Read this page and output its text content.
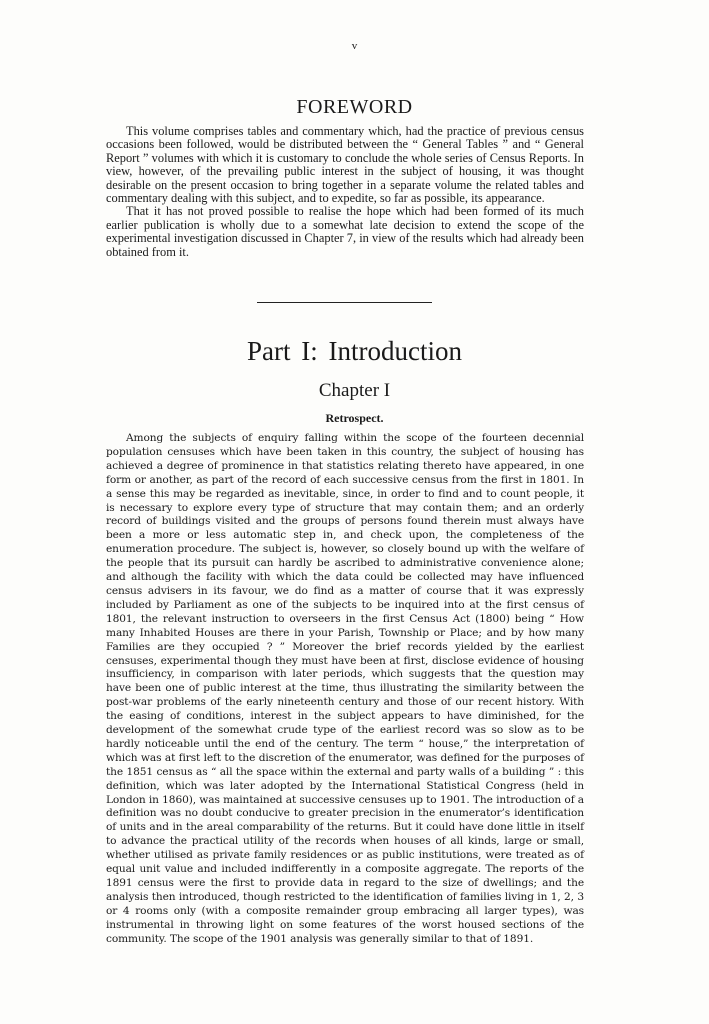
v
FOREWORD

This volume comprises tables and commentary which, had the practice of previous census occasions been followed, would be distributed between the “ General Tables ” and “ General Report ” volumes with which it is customary to conclude the whole series of Census Reports. In view, however, of the prevailing public interest in the subject of housing, it was thought desirable on the present occasion to bring together in a separate volume the related tables and commentary dealing with this subject, and to expedite, so far as possible, its appearance.

That it has not proved possible to realise the hope which had been formed of its much earlier publication is wholly due to a somewhat late decision to extend the scope of the experimental investigation discussed in Chapter 7, in view of the results which had already been obtained from it.

Part I: Introduction
Chapter I
Retrospect.

Among the subjects of enquiry falling within the scope of the fourteen decennial population censuses which have been taken in this country, the subject of housing has achieved a degree of prominence in that statistics relating thereto have appeared, in one form or another, as part of the record of each successive census from the first in 1801. In a sense this may be regarded as inevitable, since, in order to find and to count people, it is necessary to explore every type of structure that may contain them; and an orderly record of buildings visited and the groups of persons found therein must always have been a more or less automatic step in, and check upon, the completeness of the enumeration procedure. The subject is, however, so closely bound up with the welfare of the people that its pursuit can hardly be ascribed to administrative convenience alone; and although the facility with which the data could be collected may have influenced census advisers in its favour, we do find as a matter of course that it was expressly included by Parliament as one of the subjects to be inquired into at the first census of 1801, the relevant instruction to overseers in the first Census Act (1800) being “ How many Inhabited Houses are there in your Parish, Township or Place; and by how many Families are they occupied ? ” Moreover the brief records yielded by the earliest censuses, experimental though they must have been at first, disclose evidence of housing insufficiency, in comparison with later periods, which suggests that the question may have been one of public interest at the time, thus illustrating the similarity between the post-war problems of the early nineteenth century and those of our recent history. With the easing of conditions, interest in the subject appears to have diminished, for the development of the somewhat crude type of the earliest record was so slow as to be hardly noticeable until the end of the century. The term “ house,” the interpretation of which was at first left to the discretion of the enumerator, was defined for the purposes of the 1851 census as “ all the space within the external and party walls of a building ” : this definition, which was later adopted by the International Statistical Congress (held in London in 1860), was maintained at successive censuses up to 1901. The introduction of a definition was no doubt conducive to greater precision in the enumerator’s identification of units and in the areal comparability of the returns. But it could have done little in itself to advance the practical utility of the records when houses of all kinds, large or small, whether utilised as private family residences or as public institutions, were treated as of equal unit value and included indifferently in a composite aggregate. The reports of the 1891 census were the first to provide data in regard to the size of dwellings; and the analysis then introduced, though restricted to the identification of families living in 1, 2, 3 or 4 rooms only (with a composite remainder group embracing all larger types), was instrumental in throwing light on some features of the worst housed sections of the community. The scope of the 1901 analysis was generally similar to that of 1891.
